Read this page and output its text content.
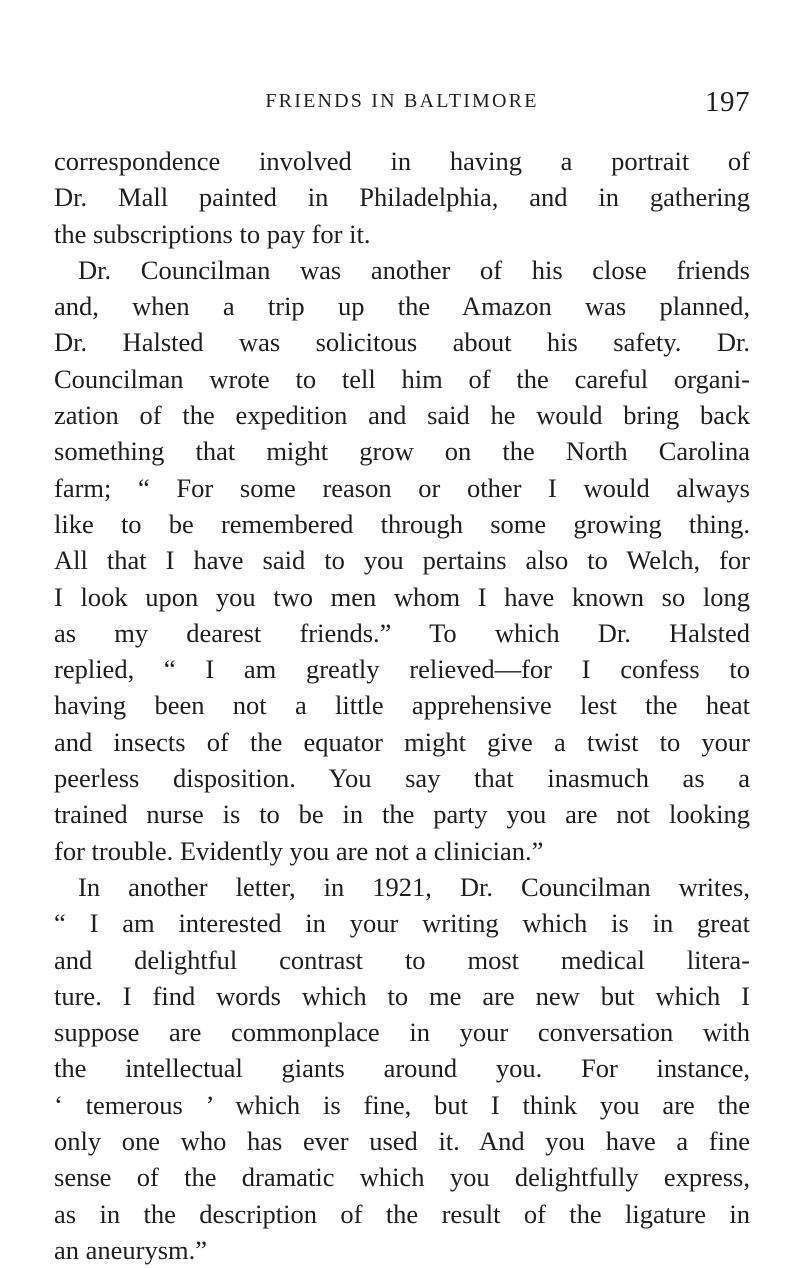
FRIENDS IN BALTIMORE	197
correspondence involved in having a portrait of
Dr. Mall painted in Philadelphia, and in gathering
the subscriptions to pay for it.
Dr. Councilman was another of his close friends
and, when a trip up the Amazon was planned,
Dr. Halsted was solicitous about his safety. Dr.
Councilman wrote to tell him of the careful organi-
zation of the expedition and said he would bring back
something that might grow on the North Carolina
farm; “ For some reason or other I would always
like to be remembered through some growing thing.
All that I have said to you pertains also to Welch, for
I look upon you two men whom I have known so long
as my dearest friends.” To which Dr. Halsted
replied, “ I am greatly relieved—for I confess to
having been not a little apprehensive lest the heat
and insects of the equator might give a twist to your
peerless disposition. You say that inasmuch as a
trained nurse is to be in the party you are not looking
for trouble. Evidently you are not a clinician.”
In another letter, in 1921, Dr. Councilman writes,
“ I am interested in your writing which is in great
and delightful contrast to most medical litera-
ture. I find words which to me are new but which I
suppose are commonplace in your conversation with
the intellectual giants around you. For instance,
‘ temerous ’ which is fine, but I think you are the
only one who has ever used it. And you have a fine
sense of the dramatic which you delightfully express,
as in the description of the result of the ligature in
an aneurysm.”
